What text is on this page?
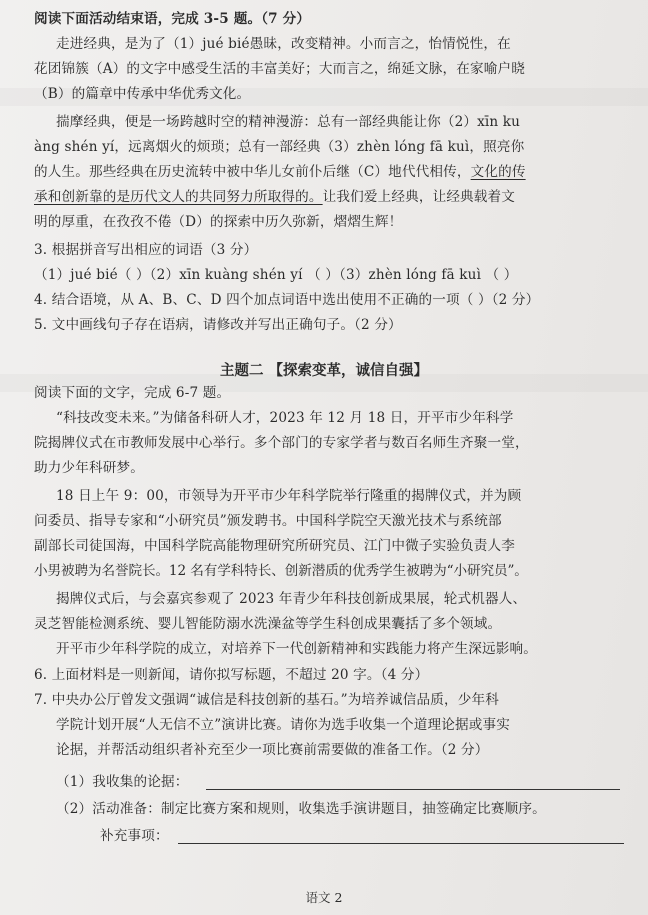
阅读下面活动结束语，完成 3-5 题。（7 分）
走进经典，是为了（1）jué bié愚昧，改变精神。小而言之，怡情悦性，在
花团锦簇（A）的文字中感受生活的丰富美好；大而言之，绵延文脉，在家喻户晓
（B）的篇章中传承中华优秀文化。
揣摩经典，便是一场跨越时空的精神漫游：总有一部经典能让你（2）xīn ku
àng shén yí，远离烟火的烦琐；总有一部经典（3）zhèn lóng fā kuì，照亮你
的人生。那些经典在历史流转中被中华儿女前仆后继（C）地代代相传，文化的传
承和创新靠的是历代文人的共同努力所取得的。让我们爱上经典，让经典载着文
明的厚重，在孜孜不倦（D）的探索中历久弥新，熠熠生辉！
3. 根据拼音写出相应的词语（3 分）
（1）jué bié（ ）（2）xīn kuàng shén yí （ ）（3）zhèn lóng fā kuì （ ）
4. 结合语境，从 A、B、C、D 四个加点词语中选出使用不正确的一项（ ）（2 分）
5. 文中画线句子存在语病，请修改并写出正确句子。（2 分）
主题二 【探索变革，诚信自强】
阅读下面的文字，完成 6-7 题。
“科技改变未来。”为储备科研人才，2023 年 12 月 18 日，开平市少年科学
院揭牌仪式在市教师发展中心举行。多个部门的专家学者与数百名师生齐聚一堂，
助力少年科研梦。
18 日上午 9：00，市领导为开平市少年科学院举行隆重的揭牌仪式，并为顾
问委员、指导专家和“小研究员”颁发聘书。中国科学院空天激光技术与系统部
副部长司徒国海，中国科学院高能物理研究所研究员、江门中微子实验负责人李
小男被聘为名誉院长。12 名有学科特长、创新潜质的优秀学生被聘为“小研究员”。
揭牌仪式后，与会嘉宾参观了 2023 年青少年科技创新成果展，轮式机器人、
灵芝智能检测系统、婴儿智能防溺水洗澡盆等学生科创成果囊括了多个领域。
开平市少年科学院的成立，对培养下一代创新精神和实践能力将产生深远影响。
6. 上面材料是一则新闻，请你拟写标题，不超过 20 字。（4 分）
7. 中央办公厅曾发文强调“诚信是科技创新的基石。”为培养诚信品质，少年科
学院计划开展“人无信不立”演讲比赛。请你为选手收集一个道理论据或事实
论据，并帮活动组织者补充至少一项比赛前需要做的准备工作。（2 分）
（1）我收集的论据：
（2）活动准备：制定比赛方案和规则，收集选手演讲题目，抽签确定比赛顺序。
补充事项：
语文 2
